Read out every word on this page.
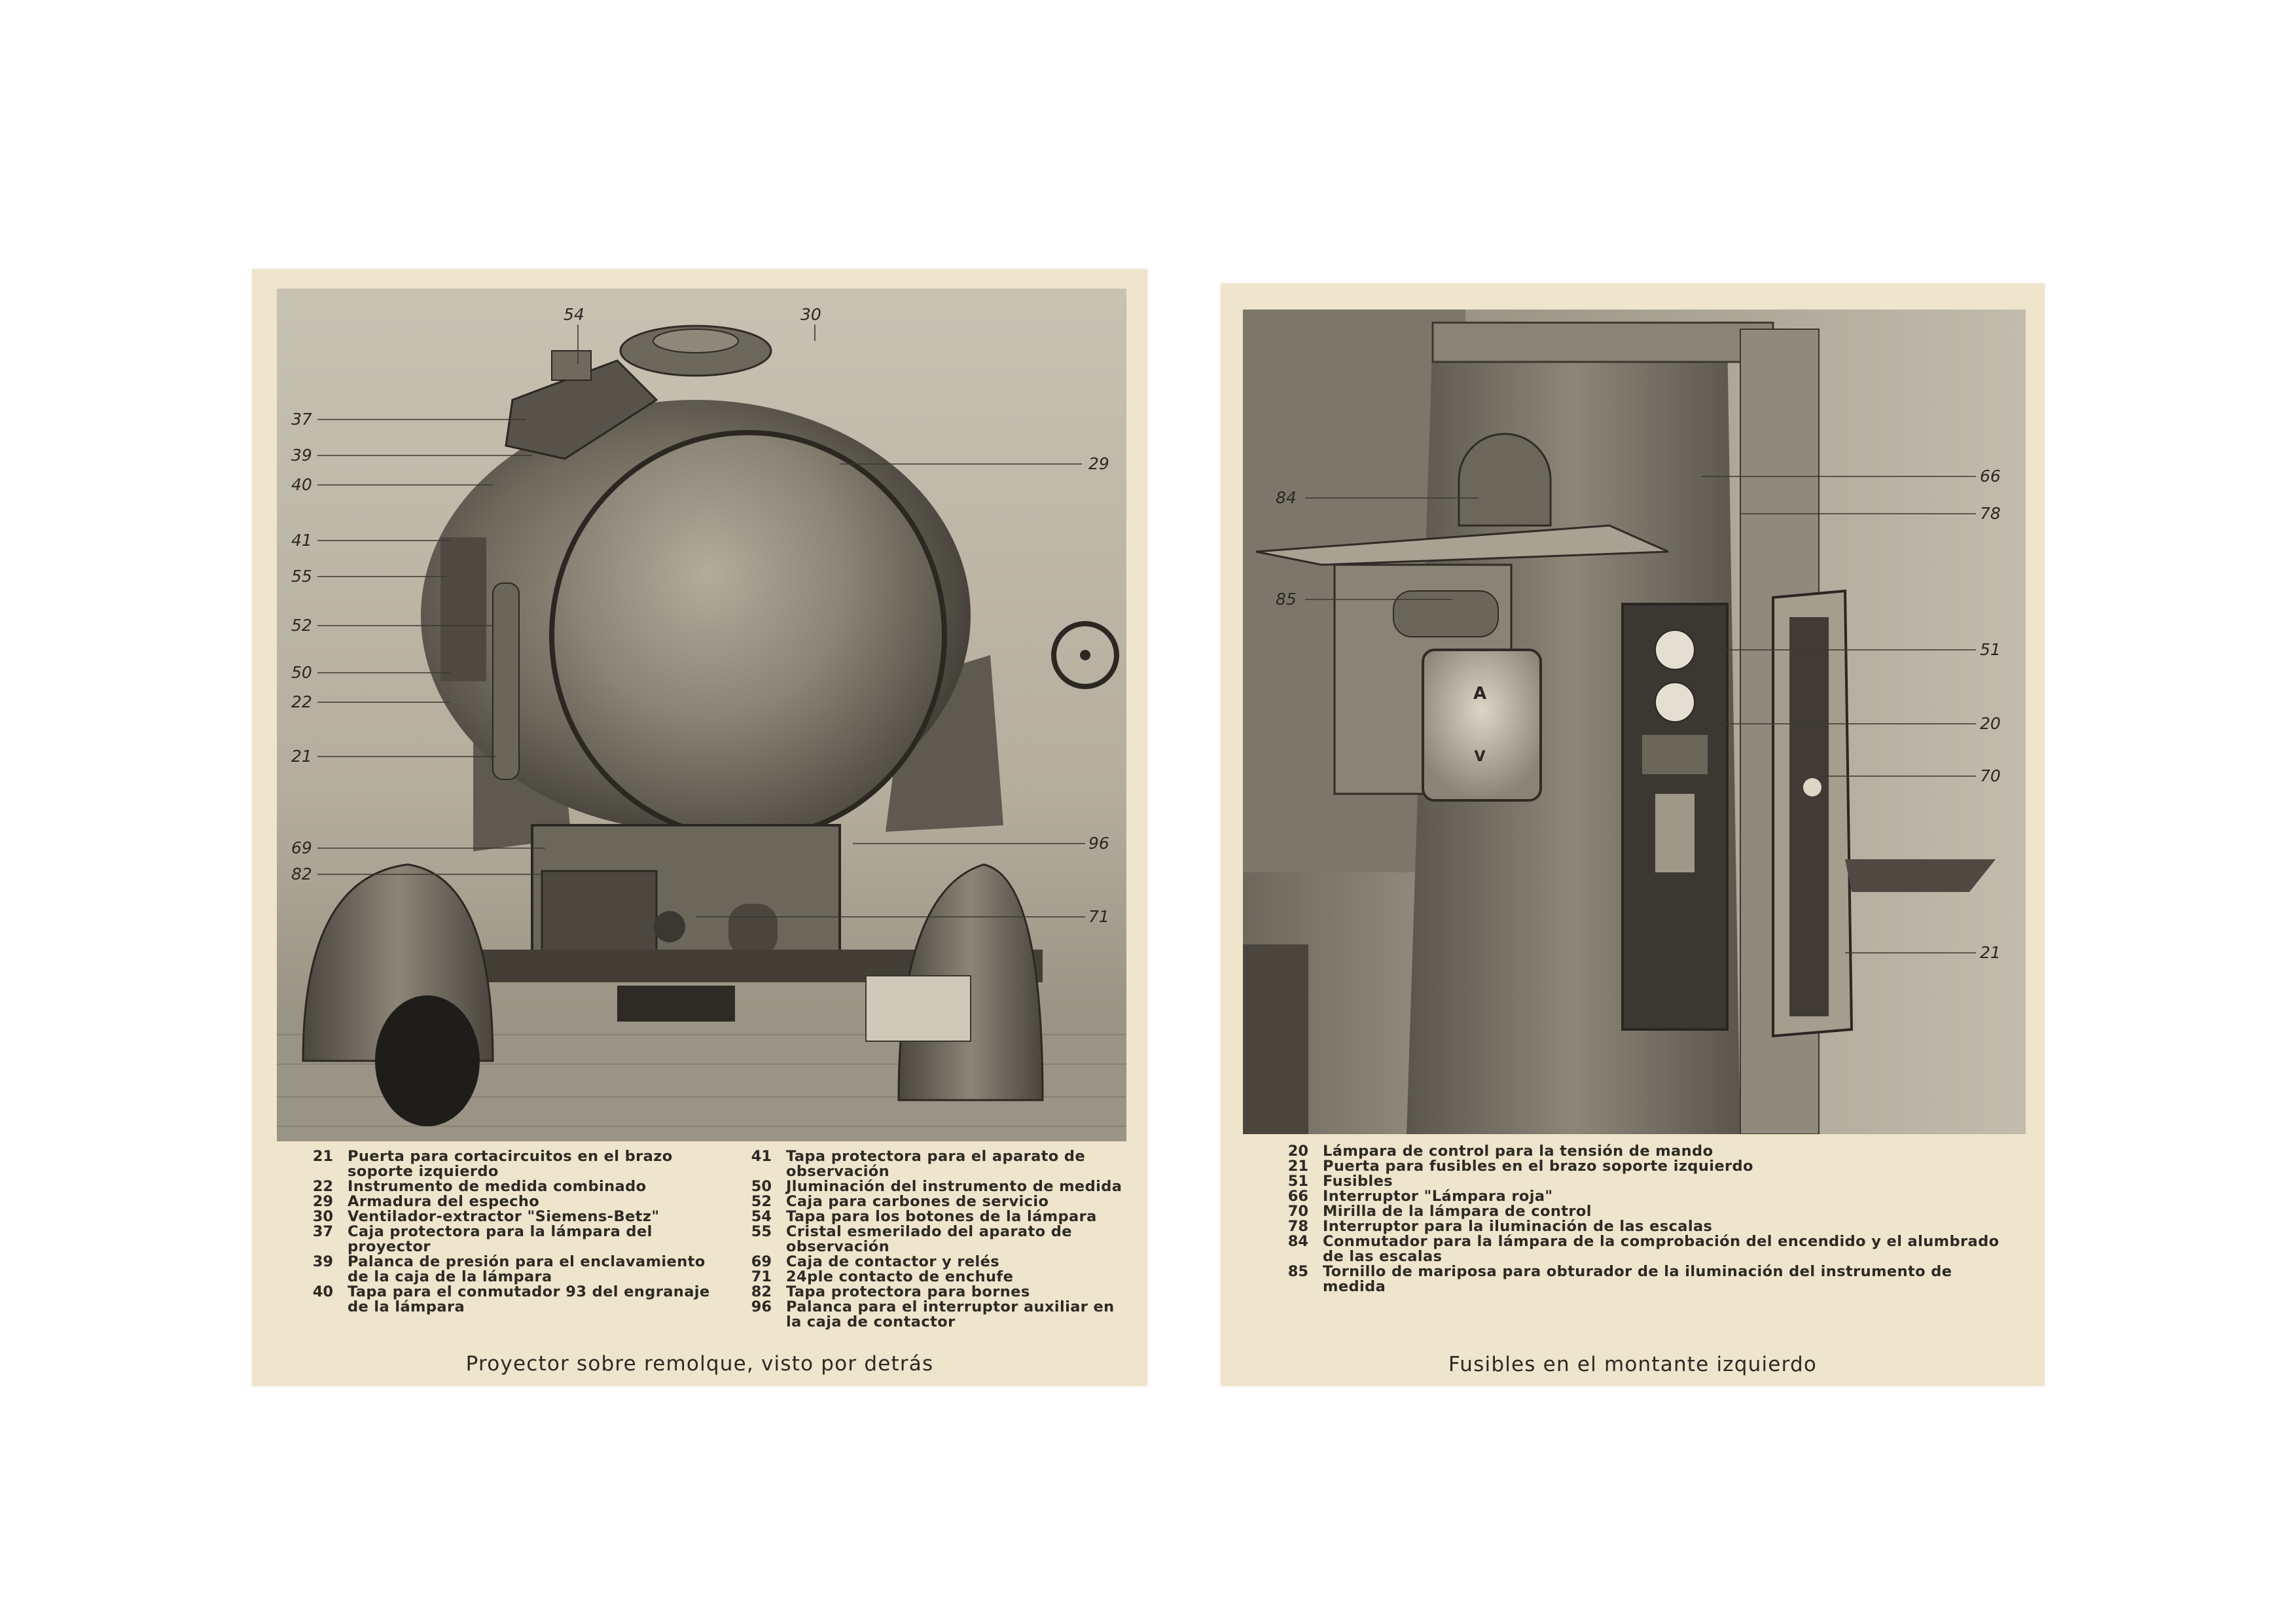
54	30
37
39
40
29
41
55
52
50
22
21
69
82
96
71
21 Puerta para cortacircuitos en el brazo soporte izquierdo
22 Instrumento de medida combinado
29 Armadura del especho
30 Ventilador-extractor "Siemens-Betz"
37 Caja protectora para la lámpara del proyector
39 Palanca de presión para el enclavamiento de la caja de la lámpara
40 Tapa para el conmutador 93 del engranaje de la lámpara
41 Tapa protectora para el aparato de observación
50 Jluminación del instrumento de medida
52 Caja para carbones de servicio
54 Tapa para los botones de la lámpara
55 Cristal esmerilado del aparato de observación
69 Caja de contactor y relés
71 24ple contacto de enchufe
82 Tapa protectora para bornes
96 Palanca para el interruptor auxiliar en la caja de contactor
Proyector sobre remolque, visto por detrás
A
V
84
66
78
85
51
20
70
21
20 Lámpara de control para la tensión de mando
21 Puerta para fusibles en el brazo soporte izquierdo
51 Fusibles
66 Interruptor "Lámpara roja"
70 Mirilla de la lámpara de control
78 Interruptor para la iluminación de las escalas
84 Conmutador para la lámpara de la comprobación del encendido y el alumbrado de las escalas
85 Tornillo de mariposa para obturador de la iluminación del instrumento de medida
Fusibles en el montante izquierdo
